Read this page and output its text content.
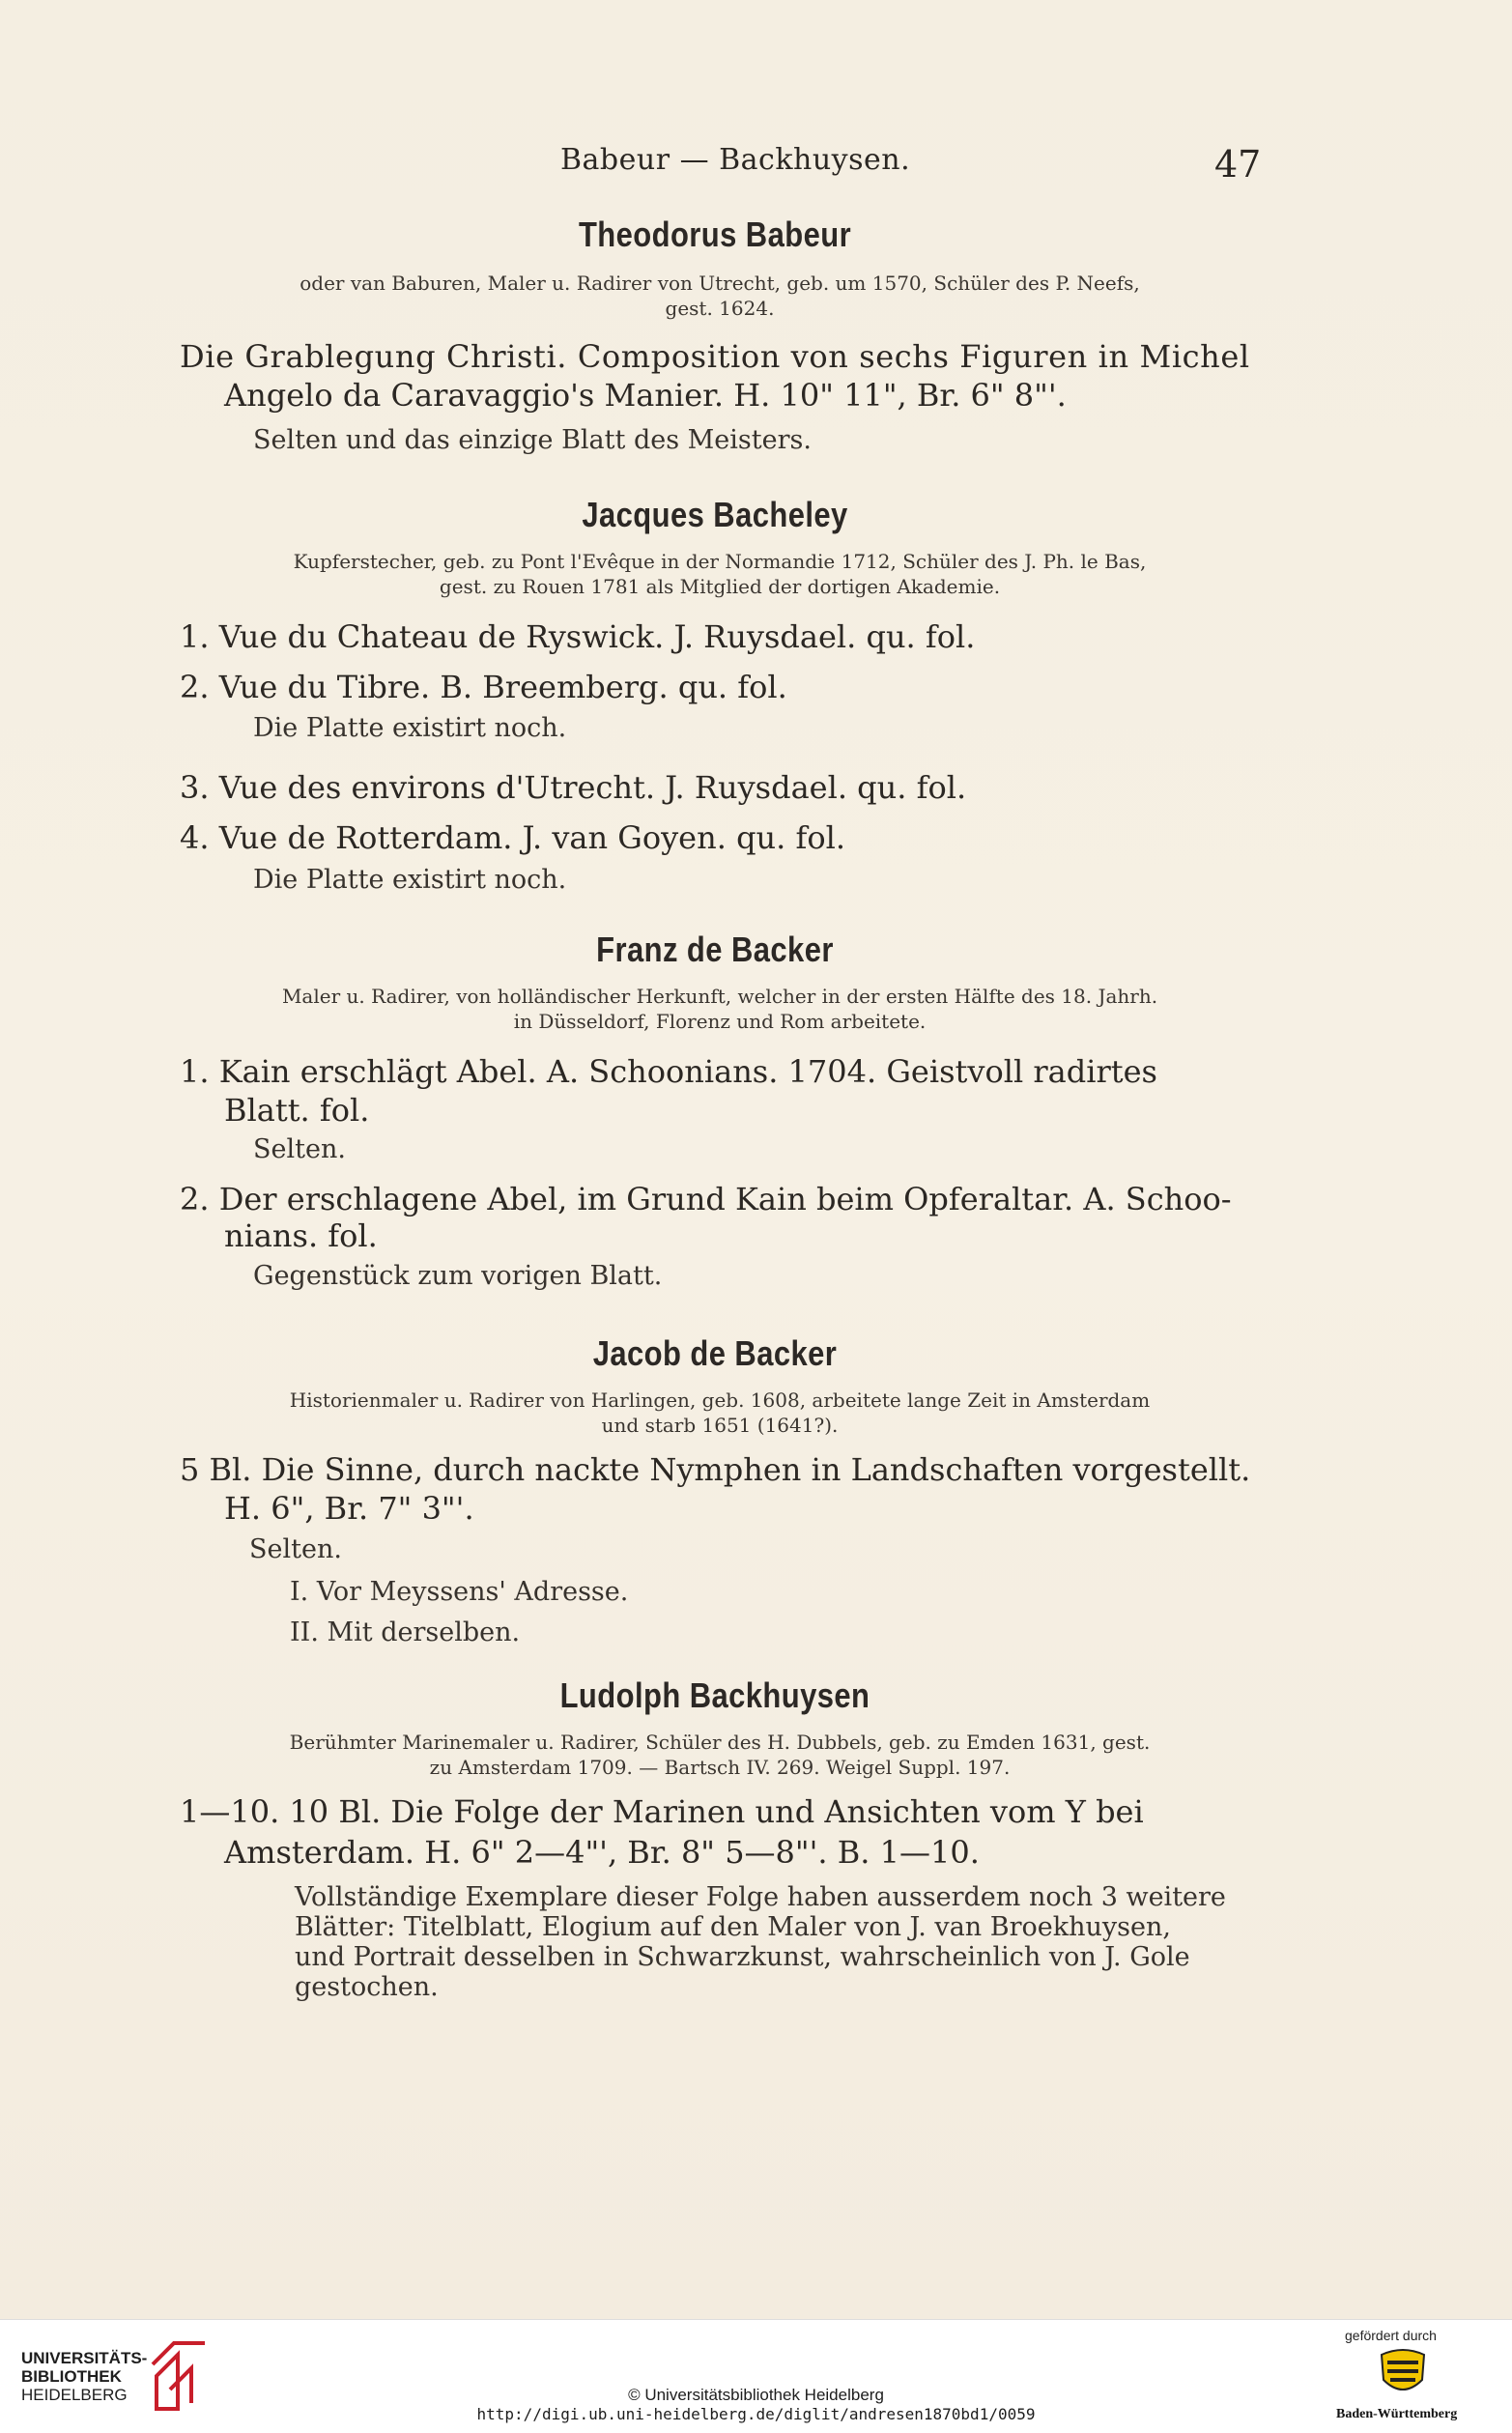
Babeur — Backhuysen.	47
Theodorus Babeur
oder van Baburen, Maler u. Radirer von Utrecht, geb. um 1570, Schüler des P. Neefs,
gest. 1624.
Die Grablegung Christi. Composition von sechs Figuren in Michel
Angelo da Caravaggio's Manier. H. 10" 11", Br. 6" 8"'.
Selten und das einzige Blatt des Meisters.
Jacques Bacheley
Kupferstecher, geb. zu Pont l'Evêque in der Normandie 1712, Schüler des J. Ph. le Bas,
gest. zu Rouen 1781 als Mitglied der dortigen Akademie.
1. Vue du Chateau de Ryswick. J. Ruysdael. qu. fol.
2. Vue du Tibre. B. Breemberg. qu. fol.
Die Platte existirt noch.
3. Vue des environs d'Utrecht. J. Ruysdael. qu. fol.
4. Vue de Rotterdam. J. van Goyen. qu. fol.
Die Platte existirt noch.
Franz de Backer
Maler u. Radirer, von holländischer Herkunft, welcher in der ersten Hälfte des 18. Jahrh.
in Düsseldorf, Florenz und Rom arbeitete.
1. Kain erschlägt Abel. A. Schoonians. 1704. Geistvoll radirtes
Blatt. fol.
Selten.
2. Der erschlagene Abel, im Grund Kain beim Opferaltar. A. Schoo-
nians. fol.
Gegenstück zum vorigen Blatt.
Jacob de Backer
Historienmaler u. Radirer von Harlingen, geb. 1608, arbeitete lange Zeit in Amsterdam
und starb 1651 (1641?).
5 Bl. Die Sinne, durch nackte Nymphen in Landschaften vorgestellt.
H. 6", Br. 7" 3"'.
Selten.
I. Vor Meyssens' Adresse.
II. Mit derselben.
Ludolph Backhuysen
Berühmter Marinemaler u. Radirer, Schüler des H. Dubbels, geb. zu Emden 1631, gest.
zu Amsterdam 1709. — Bartsch IV. 269. Weigel Suppl. 197.
1—10. 10 Bl. Die Folge der Marinen und Ansichten vom Y bei
Amsterdam. H. 6" 2—4"', Br. 8" 5—8"'. B. 1—10.
Vollständige Exemplare dieser Folge haben ausserdem noch 3 weitere
Blätter: Titelblatt, Elogium auf den Maler von J. van Broekhuysen,
und Portrait desselben in Schwarzkunst, wahrscheinlich von J. Gole
gestochen.
UNIVERSITÄTS-
BIBLIOTHEK
HEIDELBERG	© Universitätsbibliothek Heidelberg
http://digi.ub.uni-heidelberg.de/diglit/andresen1870bd1/0059
gefördert durch
Baden-Württemberg
